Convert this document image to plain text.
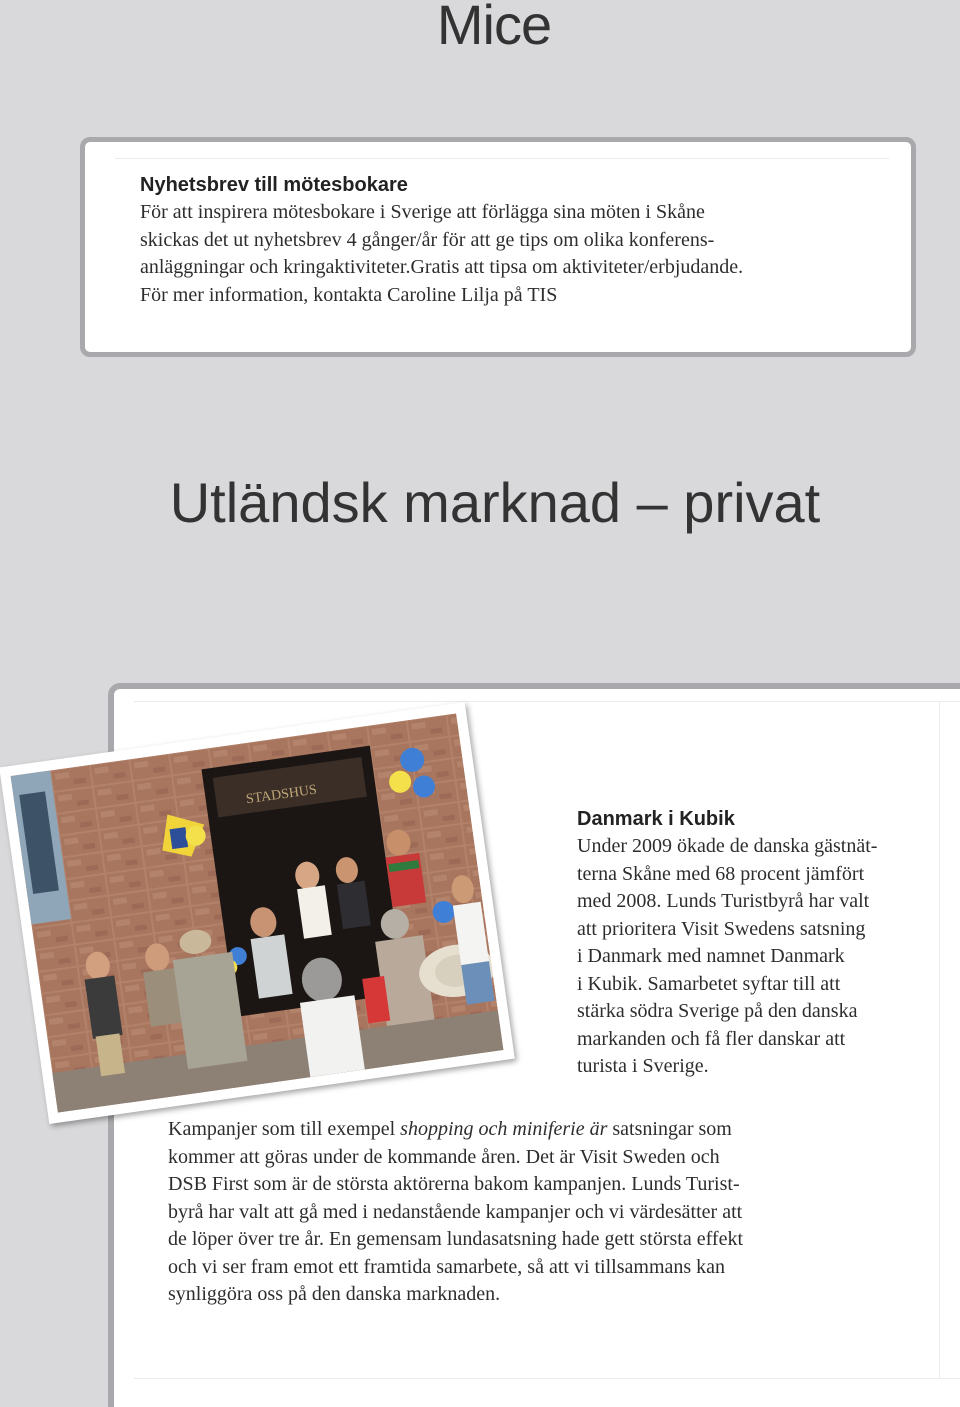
Mice
Nyhetsbrev till mötesbokare
För att inspirera mötesbokare i Sverige att förlägga sina möten i Skåne
skickas det ut nyhetsbrev 4 gånger/år för att ge tips om olika konferens-
anläggningar och kringaktiviteter.Gratis att tipsa om aktiviteter/erbjudande.
För mer information, kontakta Caroline Lilja på TIS
Utländsk marknad – privat
STADSHUS
Danmark i Kubik
Under 2009 ökade de danska gästnät-
terna Skåne med 68 procent jämfört
med 2008. Lunds Turistbyrå har valt
att prioritera Visit Swedens satsning
i Danmark med namnet Danmark
i Kubik. Samarbetet syftar till att
stärka södra Sverige på den danska
markanden och få fler danskar att
turista i Sverige.
Kampanjer som till exempel shopping och miniferie är satsningar som
kommer att göras under de kommande åren. Det är Visit Sweden och
DSB First som är de största aktörerna bakom kampanjen. Lunds Turist-
byrå har valt att gå med i nedanstående kampanjer och vi värdesätter att
de löper över tre år. En gemensam lundasatsning hade gett största effekt
och vi ser fram emot ett framtida samarbete, så att vi tillsammans kan
synliggöra oss på den danska marknaden.
